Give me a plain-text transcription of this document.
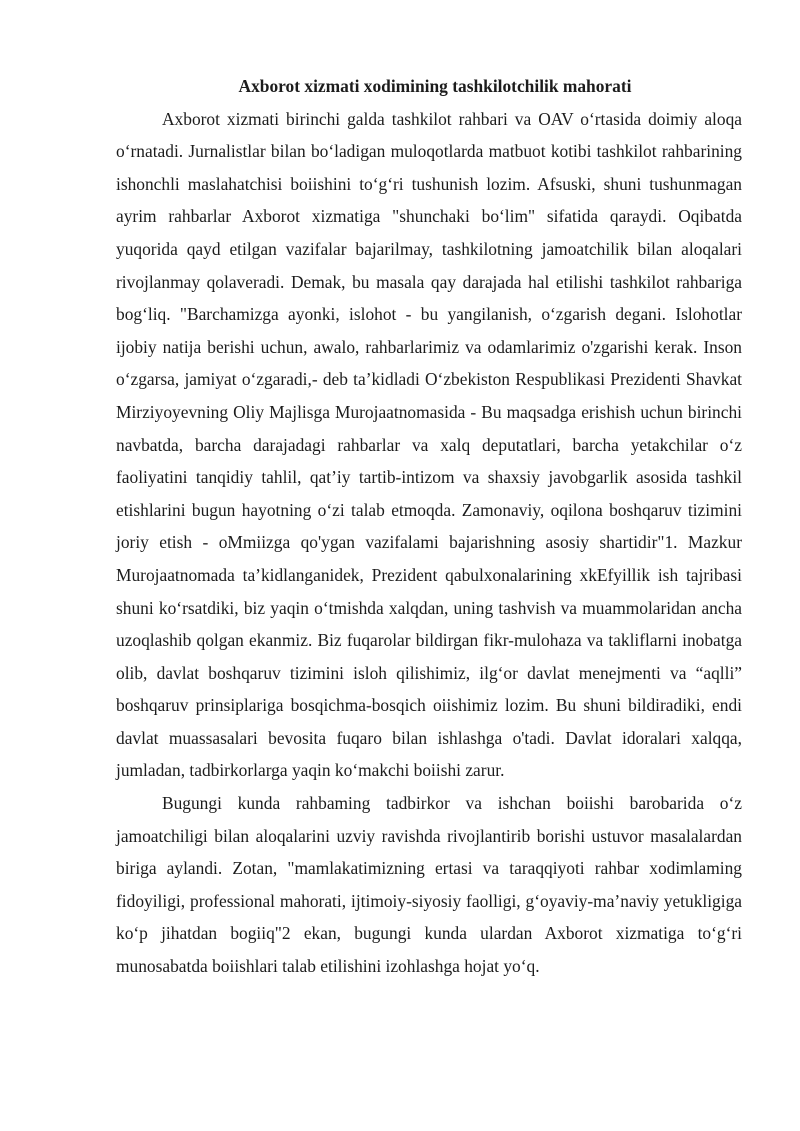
Axborot xizmati xodimining tashkilotchilik mahorati

Axborot xizmati birinchi galda tashkilot rahbari va OAV o‘rtasida doimiy aloqa o‘rnatadi. Jurnalistlar bilan bo‘ladigan muloqotlarda matbuot kotibi tashkilot rahbarining ishonchli maslahatchisi boiishini to‘g‘ri tushunish lozim. Afsuski, shuni tushunmagan ayrim rahbarlar Axborot xizmatiga "shunchaki bo‘lim" sifatida qaraydi. Oqibatda yuqorida qayd etilgan vazifalar bajarilmay, tashkilotning jamoatchilik bilan aloqalari rivojlanmay qolaveradi. Demak, bu masala qay darajada hal etilishi tashkilot rahbariga bog‘liq. "Barchamizga ayonki, islohot - bu yangilanish, o‘zgarish degani. Islohotlar ijobiy natija berishi uchun, awalo, rahbarlarimiz va odamlarimiz o'zgarishi kerak. Inson o‘zgarsa, jamiyat o‘zgaradi,- deb ta’kidladi O‘zbekiston Respublikasi Prezidenti Shavkat Mirziyoyevning Oliy Majlisga Murojaatnomasida - Bu maqsadga erishish uchun birinchi navbatda, barcha darajadagi rahbarlar va xalq deputatlari, barcha yetakchilar o‘z faoliyatini tanqidiy tahlil, qat’iy tartib-intizom va shaxsiy javobgarlik asosida tashkil etishlarini bugun hayotning o‘zi talab etmoqda. Zamonaviy, oqilona boshqaruv tizimini joriy etish - oMmiizga qo'ygan vazifalami bajarishning asosiy shartidir"1. Mazkur Murojaatnomada ta’kidlanganidek, Prezident qabulxonalarining xkEfyillik ish tajribasi shuni ko‘rsatdiki, biz yaqin o‘tmishda xalqdan, uning tashvish va muammolaridan ancha uzoqlashib qolgan ekanmiz. Biz fuqarolar bildirgan fikr-mulohaza va takliflarni inobatga olib, davlat boshqaruv tizimini isloh qilishimiz, ilg‘or davlat menejmenti va “aqlli” boshqaruv prinsiplariga bosqichma-bosqich oiishimiz lozim. Bu shuni bildiradiki, endi davlat muassasalari bevosita fuqaro bilan ishlashga o'tadi. Davlat idoralari xalqqa, jumladan, tadbirkorlarga yaqin ko‘makchi boiishi zarur.

Bugungi kunda rahbaming tadbirkor va ishchan boiishi barobarida o‘z jamoatchiligi bilan aloqalarini uzviy ravishda rivojlantirib borishi ustuvor masalalardan biriga aylandi. Zotan, "mamlakatimizning ertasi va taraqqiyoti rahbar xodimlaming fidoyiligi, professional mahorati, ijtimoiy-siyosiy faolligi, g‘oyaviy-ma’naviy yetukligiga ko‘p jihatdan bogiiq"2 ekan, bugungi kunda ulardan Axborot xizmatiga to‘g‘ri munosabatda boiishlari talab etilishini izohlashga hojat yo‘q.
